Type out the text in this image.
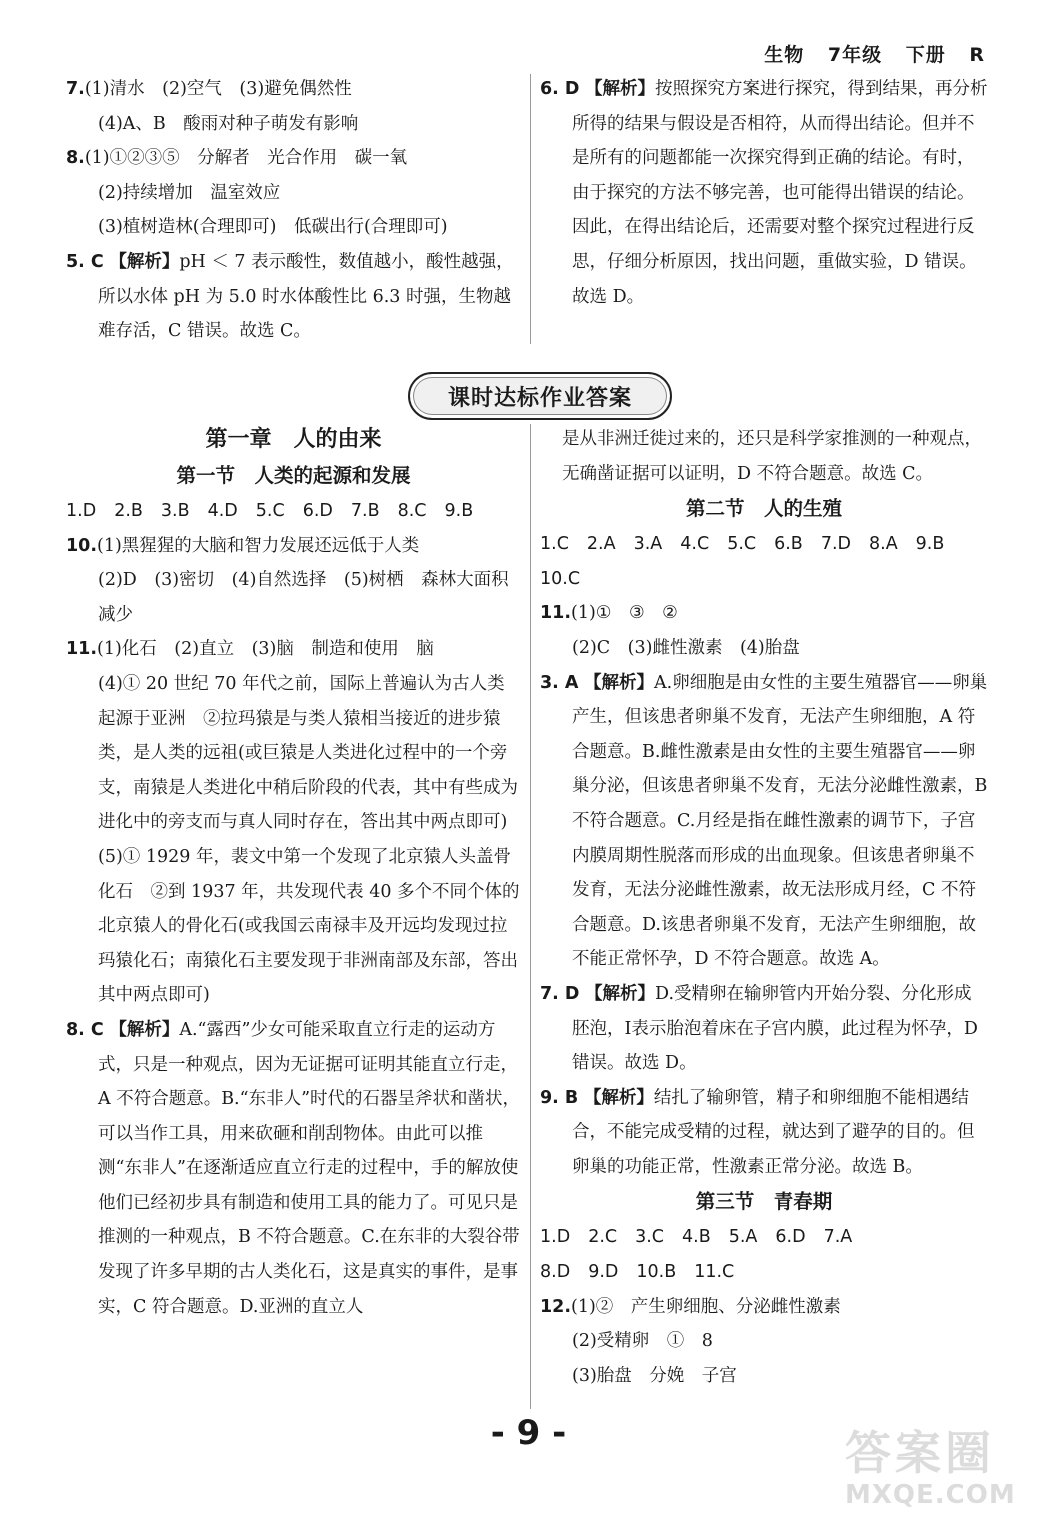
生物 7年级 下册 R

7.(1)清水　(2)空气　(3)避免偶然性

(4)A、B　酸雨对种子萌发有影响

8.(1)①②③⑤　分解者　光合作用　碳一氧

(2)持续增加　温室效应

(3)植树造林(合理即可)　低碳出行(合理即可)

5. C 【解析】pH ＜ 7 表示酸性，数值越小，酸性越强，所以水体 pH 为 5.0 时水体酸性比 6.3 时强，生物越难存活，C 错误。故选 C。

6. D 【解析】按照探究方案进行探究，得到结果，再分析所得的结果与假设是否相符，从而得出结论。但并不是所有的问题都能一次探究得到正确的结论。有时，由于探究的方法不够完善，也可能得出错误的结论。因此，在得出结论后，还需要对整个探究过程进行反思，仔细分析原因，找出问题，重做实验，D 错误。故选 D。

课时达标作业答案

第一章　人的由来

第一节　人类的起源和发展

1.D 2.B 3.B 4.D 5.C 6.D 7.B 8.C 9.B

10.(1)黑猩猩的大脑和智力发展还远低于人类

(2)D　(3)密切　(4)自然选择　(5)树栖　森林大面积减少

11.(1)化石　(2)直立　(3)脑　制造和使用　脑

(4)① 20 世纪 70 年代之前，国际上普遍认为古人类起源于亚洲　②拉玛猿是与类人猿相当接近的进步猿类，是人类的远祖(或巨猿是人类进化过程中的一个旁支，南猿是人类进化中稍后阶段的代表，其中有些成为进化中的旁支而与真人同时存在，答出其中两点即可)

(5)① 1929 年，裴文中第一个发现了北京猿人头盖骨化石　②到 1937 年，共发现代表 40 多个不同个体的北京猿人的骨化石(或我国云南禄丰及开远均发现过拉玛猿化石；南猿化石主要发现于非洲南部及东部，答出其中两点即可)

8. C 【解析】A.“露西”少女可能采取直立行走的运动方式，只是一种观点，因为无证据可证明其能直立行走，A 不符合题意。B.“东非人”时代的石器呈斧状和凿状，可以当作工具，用来砍砸和削刮物体。由此可以推测“东非人”在逐渐适应直立行走的过程中，手的解放使他们已经初步具有制造和使用工具的能力了。可见只是推测的一种观点，B 不符合题意。C.在东非的大裂谷带发现了许多早期的古人类化石，这是真实的事件，是事实，C 符合题意。D.亚洲的直立人

是从非洲迁徙过来的，还只是科学家推测的一种观点，无确凿证据可以证明，D 不符合题意。故选 C。

第二节　人的生殖

1.C 2.A 3.A 4.C 5.C 6.B 7.D 8.A 9.B

10.C

11.(1)①　③　②

(2)C　(3)雌性激素　(4)胎盘

3. A 【解析】A.卵细胞是由女性的主要生殖器官——卵巢产生，但该患者卵巢不发育，无法产生卵细胞，A 符合题意。B.雌性激素是由女性的主要生殖器官——卵巢分泌，但该患者卵巢不发育，无法分泌雌性激素，B 不符合题意。C.月经是指在雌性激素的调节下，子宫内膜周期性脱落而形成的出血现象。但该患者卵巢不发育，无法分泌雌性激素，故无法形成月经，C 不符合题意。D.该患者卵巢不发育，无法产生卵细胞，故不能正常怀孕，D 不符合题意。故选 A。

7. D 【解析】D.受精卵在输卵管内开始分裂、分化形成胚泡，Ⅰ表示胎泡着床在子宫内膜，此过程为怀孕，D 错误。故选 D。

9. B 【解析】结扎了输卵管，精子和卵细胞不能相遇结合，不能完成受精的过程，就达到了避孕的目的。但卵巢的功能正常，性激素正常分泌。故选 B。

第三节　青春期

1.D 2.C 3.C 4.B 5.A 6.D 7.A

8.D 9.D 10.B 11.C

12.(1)②　产生卵细胞、分泌雌性激素

(2)受精卵　①　8

(3)胎盘　分娩　子宫

- 9 -	答案圈
MXQE.COM
